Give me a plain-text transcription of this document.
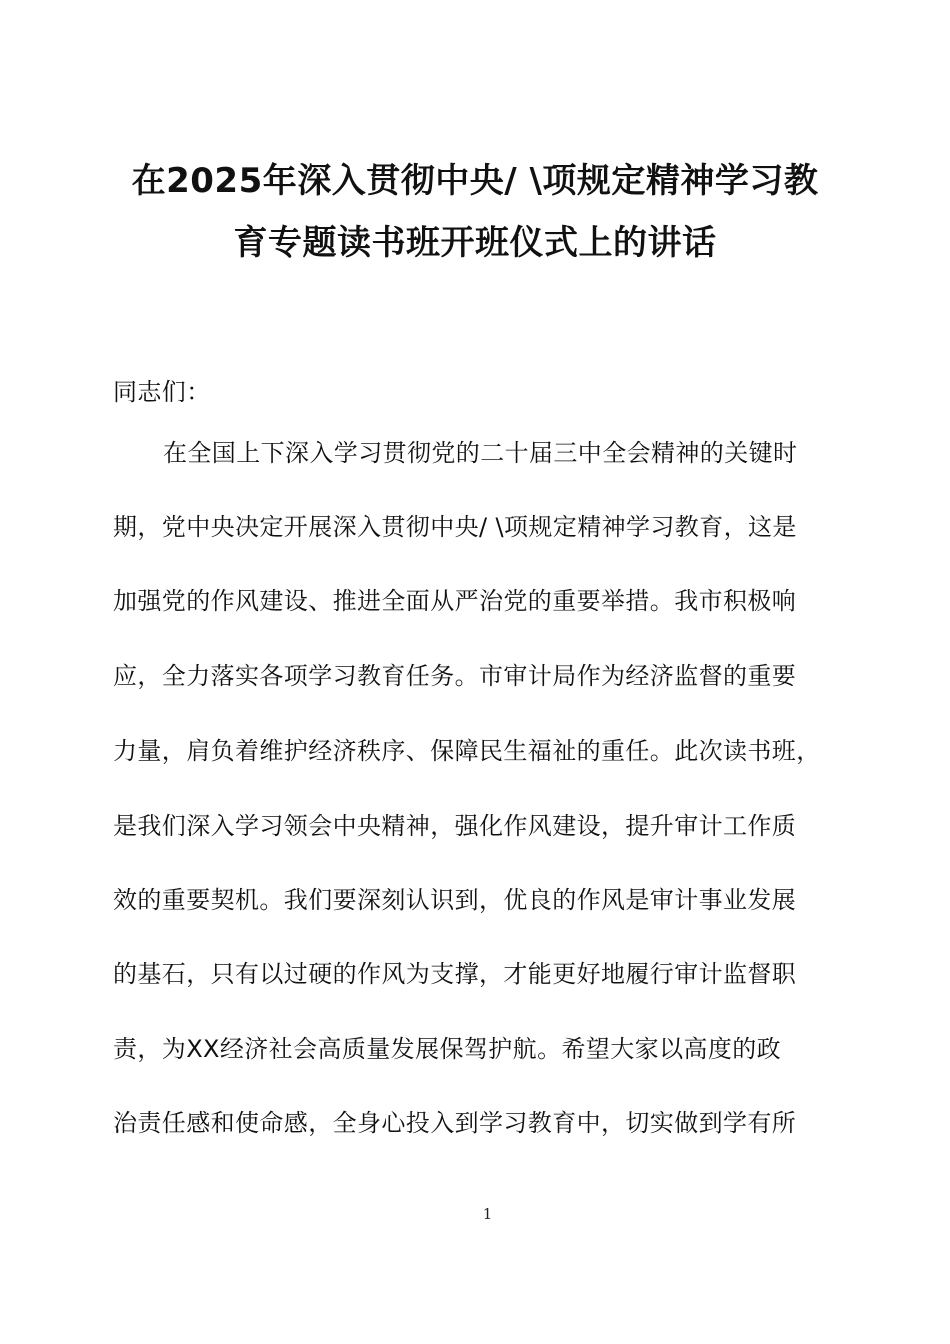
在2025年深入贯彻中央/ \项规定精神学习教
育专题读书班开班仪式上的讲话
同志们：
在全国上下深入学习贯彻党的二十届三中全会精神的关键时
期，党中央决定开展深入贯彻中央/ \项规定精神学习教育，这是
加强党的作风建设、推进全面从严治党的重要举措。我市积极响
应，全力落实各项学习教育任务。市审计局作为经济监督的重要
力量，肩负着维护经济秩序、保障民生福祉的重任。此次读书班，
是我们深入学习领会中央精神，强化作风建设，提升审计工作质
效的重要契机。我们要深刻认识到，优良的作风是审计事业发展
的基石，只有以过硬的作风为支撑，才能更好地履行审计监督职
责，为XX经济社会高质量发展保驾护航。希望大家以高度的政
治责任感和使命感，全身心投入到学习教育中，切实做到学有所
1
